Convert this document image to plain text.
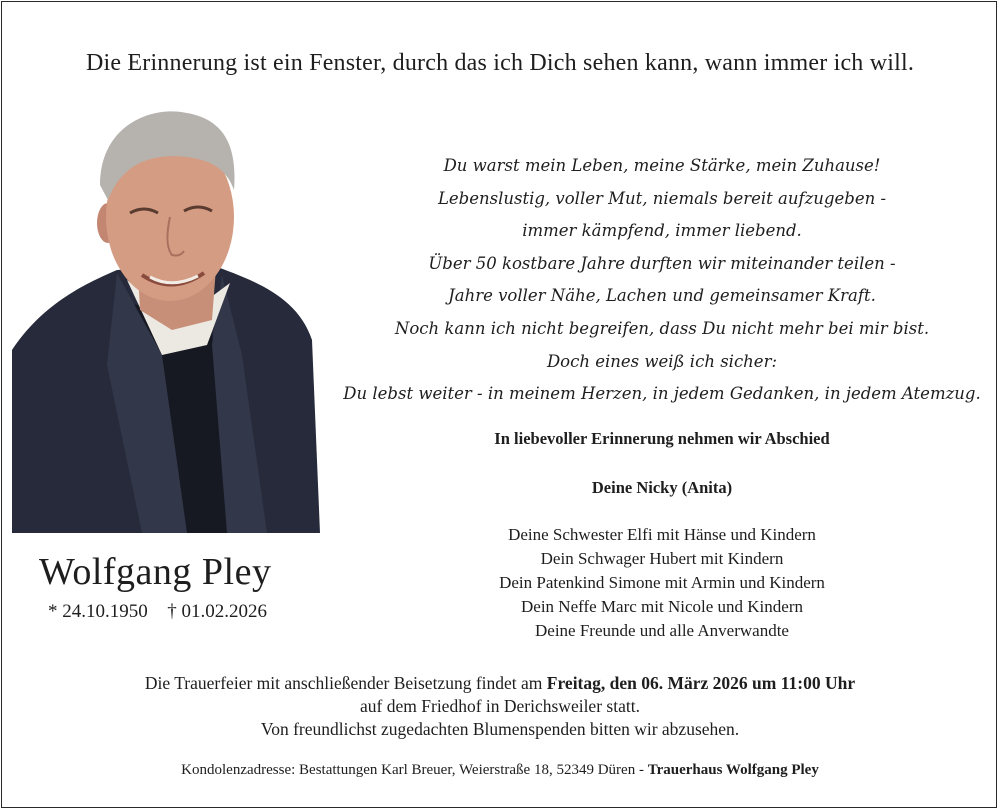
Die Erinnerung ist ein Fenster, durch das ich Dich sehen kann, wann immer ich will.
Wolfgang Pley
* 24.10.1950 † 01.02.2026
Du warst mein Leben, meine Stärke, mein Zuhause!
Lebenslustig, voller Mut, niemals bereit aufzugeben -
immer kämpfend, immer liebend.
Über 50 kostbare Jahre durften wir miteinander teilen -
Jahre voller Nähe, Lachen und gemeinsamer Kraft.
Noch kann ich nicht begreifen, dass Du nicht mehr bei mir bist.
Doch eines weiß ich sicher:
Du lebst weiter - in meinem Herzen, in jedem Gedanken, in jedem Atemzug.
In liebevoller Erinnerung nehmen wir Abschied
Deine Nicky (Anita)
Deine Schwester Elfi mit Hänse und Kindern
Dein Schwager Hubert mit Kindern
Dein Patenkind Simone mit Armin und Kindern
Dein Neffe Marc mit Nicole und Kindern
Deine Freunde und alle Anverwandte
Die Trauerfeier mit anschließender Beisetzung findet am Freitag, den 06. März 2026 um 11:00 Uhr
auf dem Friedhof in Derichsweiler statt.
Von freundlichst zugedachten Blumenspenden bitten wir abzusehen.
Kondolenzadresse: Bestattungen Karl Breuer, Weierstraße 18, 52349 Düren - Trauerhaus Wolfgang Pley
